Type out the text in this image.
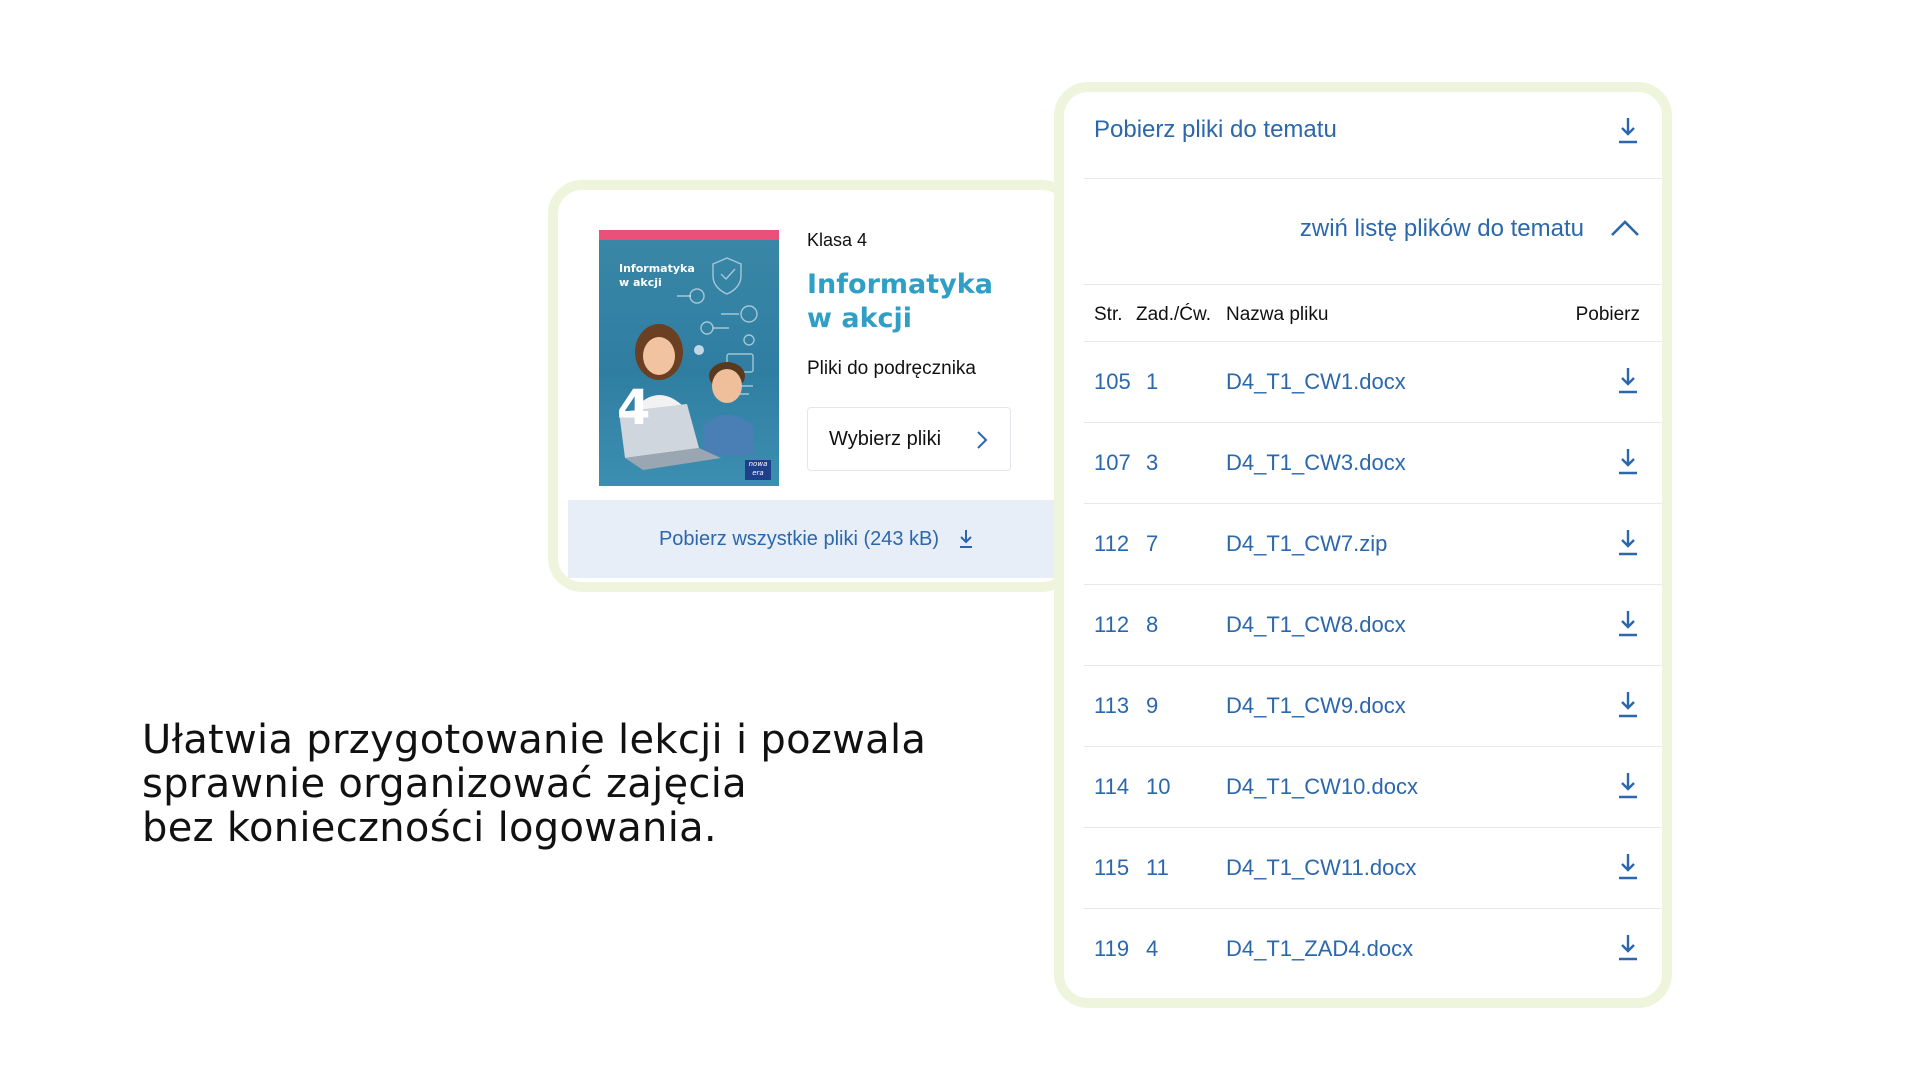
Ułatwia przygotowanie lekcji i pozwala
sprawnie organizować zajęcia
bez konieczności logowania.
Informatyka
w akcji
4
nowa era
Klasa 4
Informatyka
w akcji
Pliki do podręcznika
Wybierz pliki
Pobierz wszystkie pliki (243 kB)
Pobierz pliki do tematu
zwiń listę plików do tematu
Str. Zad./Ćw. Nazwa pliku	Pobierz
105 1	D4_T1_CW1.docx
107 3	D4_T1_CW3.docx
112 7	D4_T1_CW7.zip
112 8	D4_T1_CW8.docx
113 9	D4_T1_CW9.docx
114 10	D4_T1_CW10.docx
115 11	D4_T1_CW11.docx
119 4	D4_T1_ZAD4.docx
